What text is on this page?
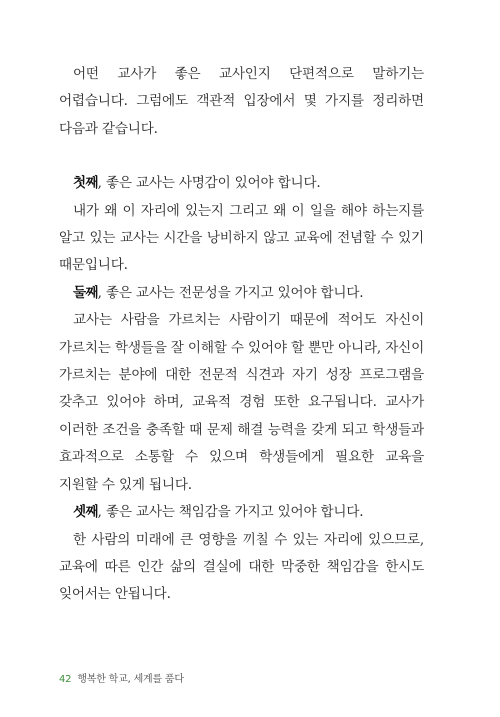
어떤 교사가 좋은 교사인지 단편적으로 말하기는 어렵습니다. 그럼에도 객관적 입장에서 몇 가지를 정리하면 다음과 같습니다.

첫째, 좋은 교사는 사명감이 있어야 합니다.

내가 왜 이 자리에 있는지 그리고 왜 이 일을 해야 하는지를 알고 있는 교사는 시간을 낭비하지 않고 교육에 전념할 수 있기 때문입니다.

둘째, 좋은 교사는 전문성을 가지고 있어야 합니다.

교사는 사람을 가르치는 사람이기 때문에 적어도 자신이 가르치는 학생들을 잘 이해할 수 있어야 할 뿐만 아니라, 자신이 가르치는 분야에 대한 전문적 식견과 자기 성장 프로그램을 갖추고 있어야 하며, 교육적 경험 또한 요구됩니다. 교사가 이러한 조건을 충족할 때 문제 해결 능력을 갖게 되고 학생들과 효과적으로 소통할 수 있으며 학생들에게 필요한 교육을 지원할 수 있게 됩니다.

셋째, 좋은 교사는 책임감을 가지고 있어야 합니다.

한 사람의 미래에 큰 영향을 끼칠 수 있는 자리에 있으므로, 교육에 따른 인간 삶의 결실에 대한 막중한 책임감을 한시도 잊어서는 안됩니다.

42 행복한 학교, 세계를 품다
